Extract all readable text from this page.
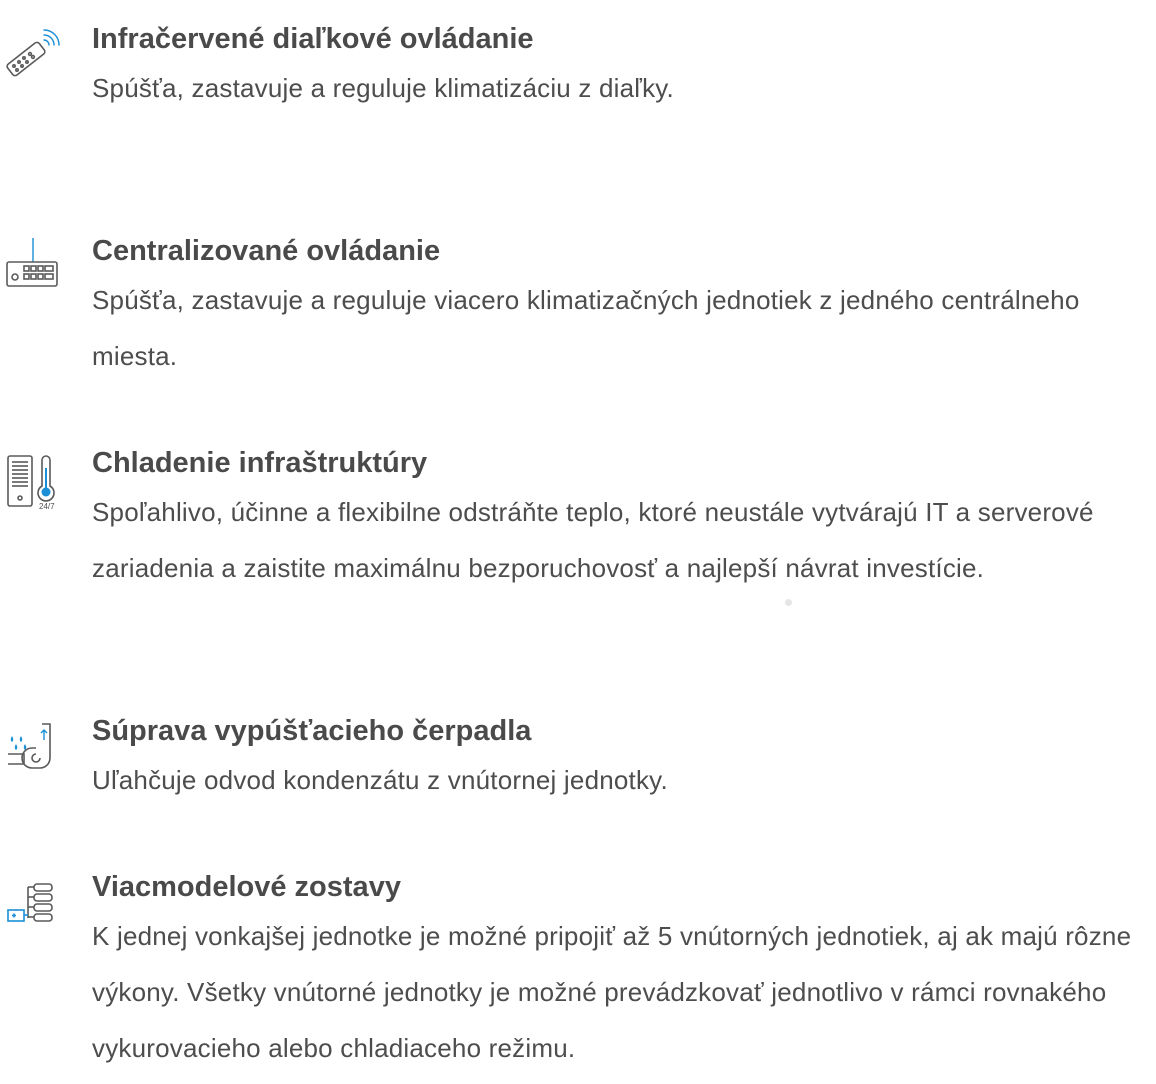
Infračervené diaľkové ovládanie

Spúšťa, zastavuje a reguluje klimatizáciu z diaľky.

Centralizované ovládanie

Spúšťa, zastavuje a reguluje viacero klimatizačných jednotiek z jedného centrálneho miesta.

24/7
Chladenie infraštruktúry

Spoľahlivo, účinne a flexibilne odstráňte teplo, ktoré neustále vytvárajú IT a serverové zariadenia a zaistite maximálnu bezporuchovosť a najlepší návrat investície.

Súprava vypúšťacieho čerpadla

Uľahčuje odvod kondenzátu z vnútornej jednotky.

Viacmodelové zostavy

K jednej vonkajšej jednotke je možné pripojiť až 5 vnútorných jednotiek, aj ak majú rôzne výkony. Všetky vnútorné jednotky je možné prevádzkovať jednotlivo v rámci rovnakého vykurovacieho alebo chladiaceho režimu.
